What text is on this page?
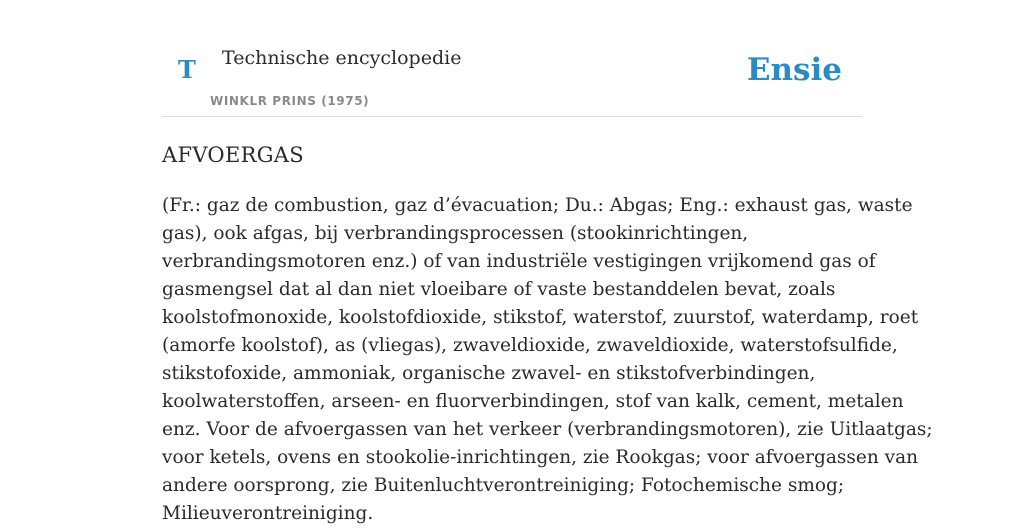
T Technische encyclopedie
WINKLR PRINS (1975)
Ensie
AFVOERGAS

(Fr.: gaz de combustion, gaz d’évacuation; Du.: Abgas; Eng.: exhaust gas, waste
gas), ook afgas, bij verbrandingsprocessen (stookinrichtingen,
verbrandingsmotoren enz.) of van industriële vestigingen vrijkomend gas of
gasmengsel dat al dan niet vloeibare of vaste bestanddelen bevat, zoals
koolstofmonoxide, koolstofdioxide, stikstof, waterstof, zuurstof, waterdamp, roet
(amorfe koolstof), as (vliegas), zwaveldioxide, zwaveldioxide, waterstofsulfide,
stikstofoxide, ammoniak, organische zwavel- en stikstofverbindingen,
koolwaterstoffen, arseen- en fluorverbindingen, stof van kalk, cement, metalen
enz. Voor de afvoergassen van het verkeer (verbrandingsmotoren), zie Uitlaatgas;
voor ketels, ovens en stookolie-inrichtingen, zie Rookgas; voor afvoergassen van
andere oorsprong, zie Buitenluchtverontreiniging; Fotochemische smog;
Milieuverontreiniging.
